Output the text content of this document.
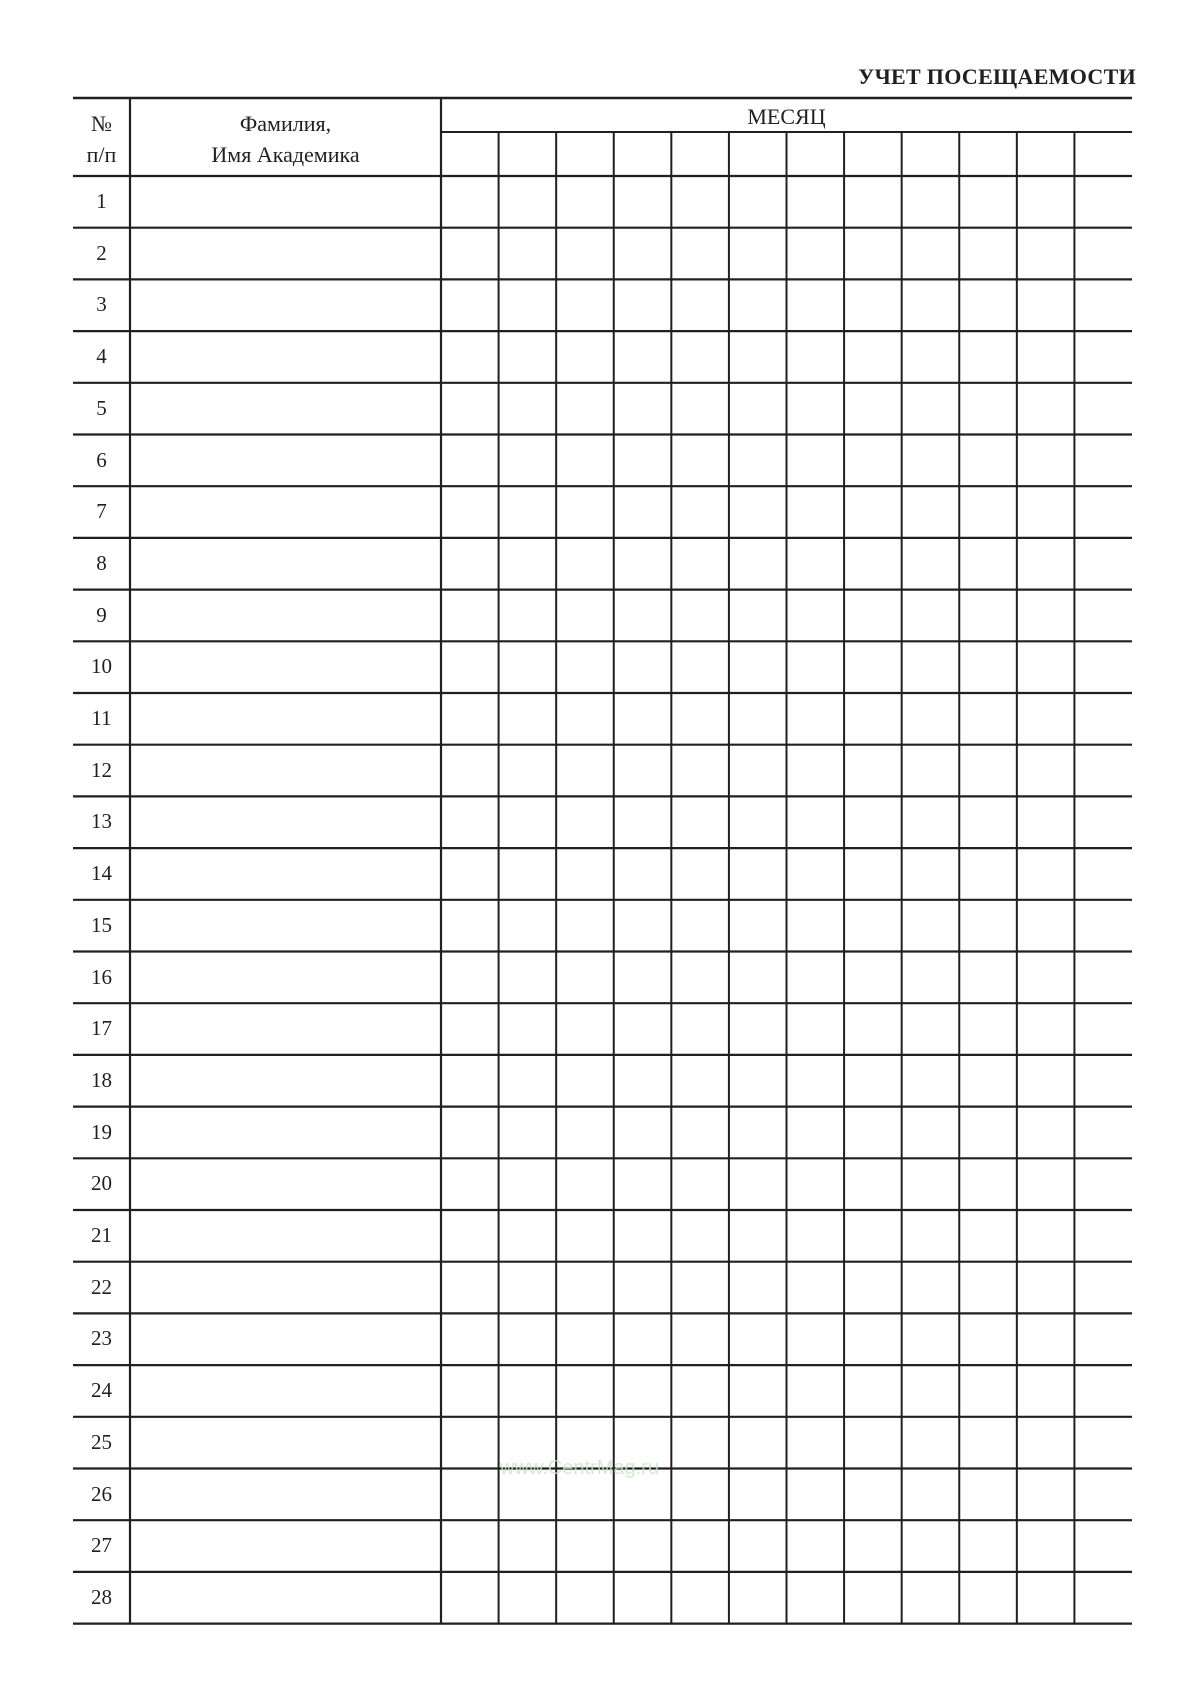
УЧЕТ ПОСЕЩАЕМОСТИ
№
п/п
Фамилия,
Имя Академика
МЕСЯЦ
1
2
3
4
5
6
7
8
9
10
11
12
13
14
15
16
17
18
19
20
21
22
23
24
25
26
27
28
www.CentrMag.ru
